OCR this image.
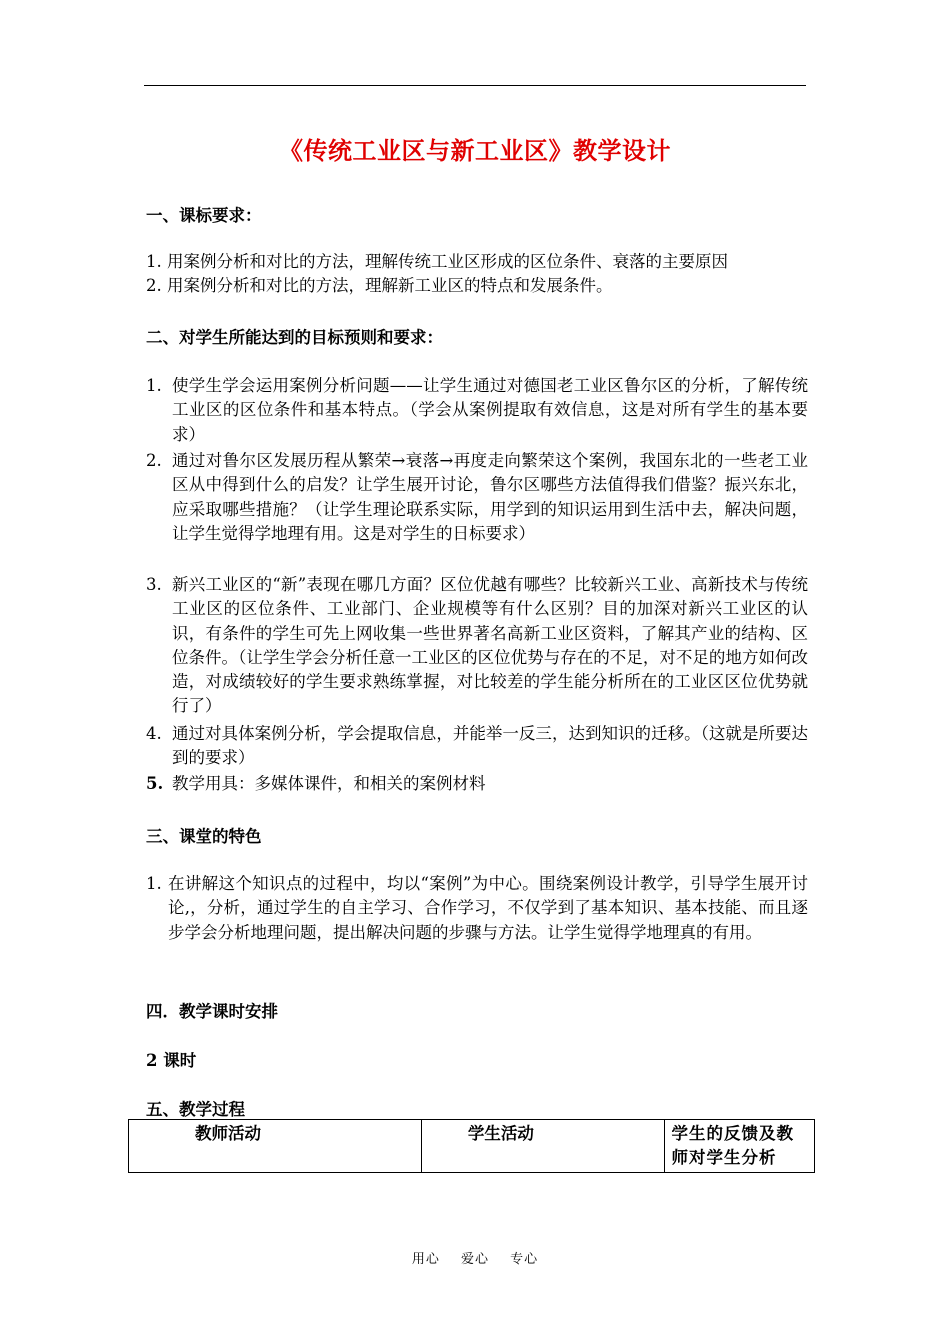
《传统工业区与新工业区》教学设计
一、课标要求：
1. 用案例分析和对比的方法，理解传统工业区形成的区位条件、衰落的主要原因
2. 用案例分析和对比的方法，理解新工业区的特点和发展条件。
二、对学生所能达到的目标预则和要求：
1. 使学生学会运用案例分析问题——让学生通过对德国老工业区鲁尔区的分析，了解传统工业区的区位条件和基本特点。（学会从案例提取有效信息，这是对所有学生的基本要求）
2. 通过对鲁尔区发展历程从繁荣→衰落→再度走向繁荣这个案例，我国东北的一些老工业区从中得到什么的启发？让学生展开讨论，鲁尔区哪些方法值得我们借鉴？振兴东北，应采取哪些措施？（让学生理论联系实际，用学到的知识运用到生活中去，解决问题，让学生觉得学地理有用。这是对学生的日标要求）
3. 新兴工业区的“新”表现在哪几方面？区位优越有哪些？比较新兴工业、高新技术与传统工业区的区位条件、工业部门、企业规模等有什么区别？目的加深对新兴工业区的认识，有条件的学生可先上网收集一些世界著名高新工业区资料，了解其产业的结构、区位条件。（让学生学会分析任意一工业区的区位优势与存在的不足，对不足的地方如何改造，对成绩较好的学生要求熟练掌握，对比较差的学生能分析所在的工业区区位优势就行了）
4. 通过对具体案例分析，学会提取信息，并能举一反三，达到知识的迁移。（这就是所要达到的要求）
5. 教学用具：多媒体课件，和相关的案例材料
三、课堂的特色
1. 在讲解这个知识点的过程中，均以“案例”为中心。围绕案例设计教学，引导学生展开讨论,，分析，通过学生的自主学习、合作学习，不仅学到了基本知识、基本技能、而且逐步学会分析地理问题，提出解决问题的步骤与方法。让学生觉得学地理真的有用。
四．教学课时安排
2 课时
五、教学过程
教师活动	学生活动	学生的反馈及教师对学生分析
用心 爱心 专心
